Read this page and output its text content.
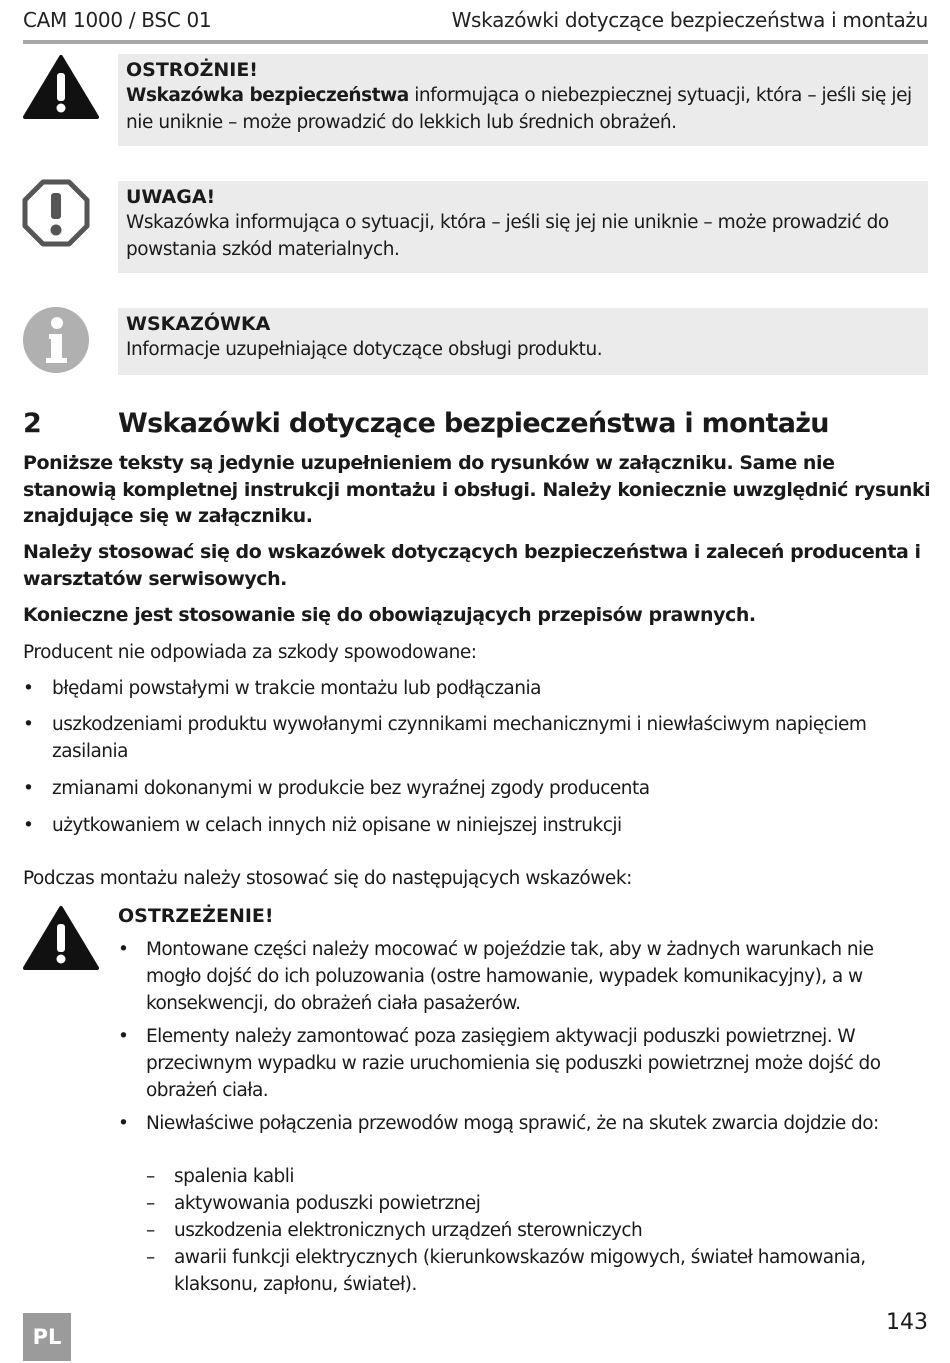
CAM 1000 / BSC 01	Wskazówki dotyczące bezpieczeństwa i montażu
OSTROŻNIE!
Wskazówka bezpieczeństwa informująca o niebezpiecznej sytuacji, która – jeśli się jej nie uniknie – może prowadzić do lekkich lub średnich obrażeń.
UWAGA!
Wskazówka informująca o sytuacji, która – jeśli się jej nie uniknie – może prowadzić do powstania szkód materialnych.
WSKAZÓWKA
Informacje uzupełniające dotyczące obsługi produktu.
2	Wskazówki dotyczące bezpieczeństwa i montażu
Poniższe teksty są jedynie uzupełnieniem do rysunków w załączniku. Same nie stanowią kompletnej instrukcji montażu i obsługi. Należy koniecznie uwzględnić rysunki znajdujące się w załączniku.
Należy stosować się do wskazówek dotyczących bezpieczeństwa i zaleceń producenta i warsztatów serwisowych.
Konieczne jest stosowanie się do obowiązujących przepisów prawnych.
Producent nie odpowiada za szkody spowodowane:
• błędami powstałymi w trakcie montażu lub podłączania
• uszkodzeniami produktu wywołanymi czynnikami mechanicznymi i niewłaściwym napięciem zasilania
• zmianami dokonanymi w produkcie bez wyraźnej zgody producenta
• użytkowaniem w celach innych niż opisane w niniejszej instrukcji
Podczas montażu należy stosować się do następujących wskazówek:
OSTRZEŻENIE!
• Montowane części należy mocować w pojeździe tak, aby w żadnych warunkach nie mogło dojść do ich poluzowania (ostre hamowanie, wypadek komunikacyjny), a w konsekwencji, do obrażeń ciała pasażerów.
• Elementy należy zamontować poza zasięgiem aktywacji poduszki powietrznej. W przeciwnym wypadku w razie uruchomienia się poduszki powietrznej może dojść do obrażeń ciała.
• Niewłaściwe połączenia przewodów mogą sprawić, że na skutek zwarcia dojdzie do:
– spalenia kabli
– aktywowania poduszki powietrznej
– uszkodzenia elektronicznych urządzeń sterowniczych
– awarii funkcji elektrycznych (kierunkowskazów migowych, świateł hamowania, klaksonu, zapłonu, świateł).
PL
143
